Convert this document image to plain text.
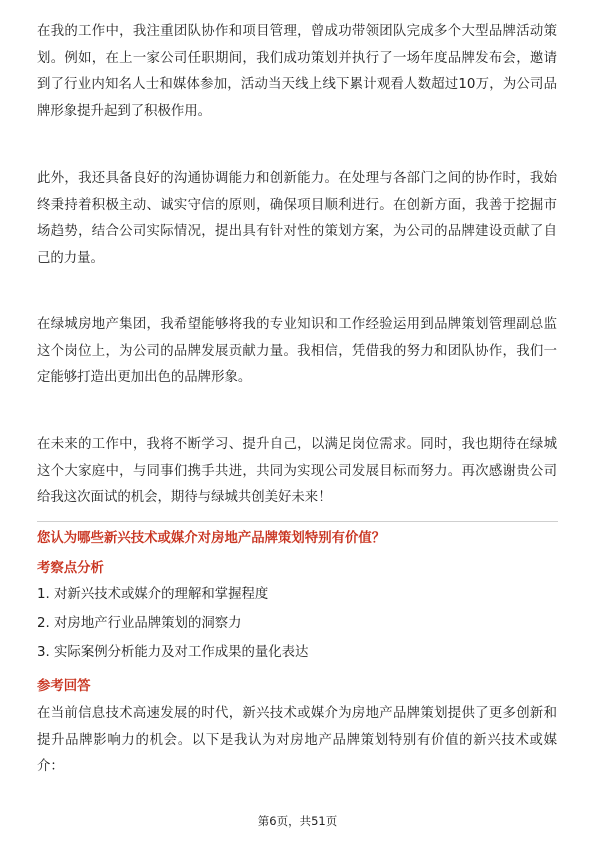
在我的工作中，我注重团队协作和项目管理，曾成功带领团队完成多个大型品牌活动策划。例如，在上一家公司任职期间，我们成功策划并执行了一场年度品牌发布会，邀请到了行业内知名人士和媒体参加，活动当天线上线下累计观看人数超过10万，为公司品牌形象提升起到了积极作用。

此外，我还具备良好的沟通协调能力和创新能力。在处理与各部门之间的协作时，我始终秉持着积极主动、诚实守信的原则，确保项目顺利进行。在创新方面，我善于挖掘市场趋势，结合公司实际情况，提出具有针对性的策划方案，为公司的品牌建设贡献了自己的力量。

在绿城房地产集团，我希望能够将我的专业知识和工作经验运用到品牌策划管理副总监这个岗位上，为公司的品牌发展贡献力量。我相信，凭借我的努力和团队协作，我们一定能够打造出更加出色的品牌形象。

在未来的工作中，我将不断学习、提升自己，以满足岗位需求。同时，我也期待在绿城这个大家庭中，与同事们携手共进，共同为实现公司发展目标而努力。再次感谢贵公司给我这次面试的机会，期待与绿城共创美好未来！

您认为哪些新兴技术或媒介对房地产品牌策划特别有价值？

考察点分析

1. 对新兴技术或媒介的理解和掌握程度

2. 对房地产行业品牌策划的洞察力

3. 实际案例分析能力及对工作成果的量化表达

参考回答

在当前信息技术高速发展的时代，新兴技术或媒介为房地产品牌策划提供了更多创新和提升品牌影响力的机会。以下是我认为对房地产品牌策划特别有价值的新兴技术或媒介：

第6页，共51页
